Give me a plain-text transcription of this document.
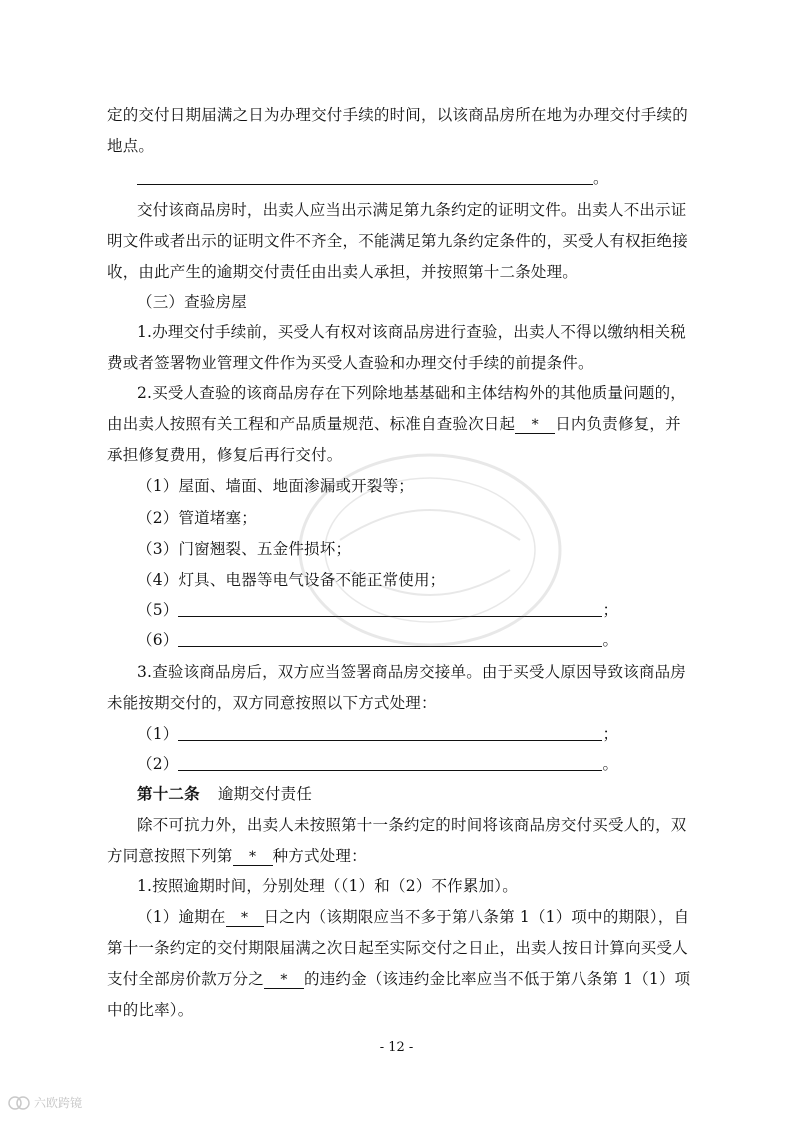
定的交付日期届满之日为办理交付手续的时间，以该商品房所在地为办理交付手续的
地点。
。
交付该商品房时，出卖人应当出示满足第九条约定的证明文件。出卖人不出示证
明文件或者出示的证明文件不齐全，不能满足第九条约定条件的，买受人有权拒绝接
收，由此产生的逾期交付责任由出卖人承担，并按照第十二条处理。
（三）查验房屋
1.办理交付手续前，买受人有权对该商品房进行查验，出卖人不得以缴纳相关税
费或者签署物业管理文件作为买受人查验和办理交付手续的前提条件。
2.买受人查验的该商品房存在下列除地基基础和主体结构外的其他质量问题的，
由出卖人按照有关工程和产品质量规范、标准自查验次日起 * 日内负责修复，并
承担修复费用，修复后再行交付。
（1）屋面、墙面、地面渗漏或开裂等；
（2）管道堵塞；
（3）门窗翘裂、五金件损坏；
（4）灯具、电器等电气设备不能正常使用；
（5）	；
（6）	。
3.查验该商品房后，双方应当签署商品房交接单。由于买受人原因导致该商品房
未能按期交付的，双方同意按照以下方式处理：
（1）	；
（2）	。
第十二条 逾期交付责任
除不可抗力外，出卖人未按照第十一条约定的时间将该商品房交付买受人的，双
方同意按照下列第 * 种方式处理：
1.按照逾期时间，分别处理（（1）和（2）不作累加）。
（1）逾期在 * 日之内（该期限应当不多于第八条第 1（1）项中的期限），自
第十一条约定的交付期限届满之次日起至实际交付之日止，出卖人按日计算向买受人
支付全部房价款万分之 * 的违约金（该违约金比率应当不低于第八条第 1（1）项
中的比率）。
- 12 -
六欧跨镜
